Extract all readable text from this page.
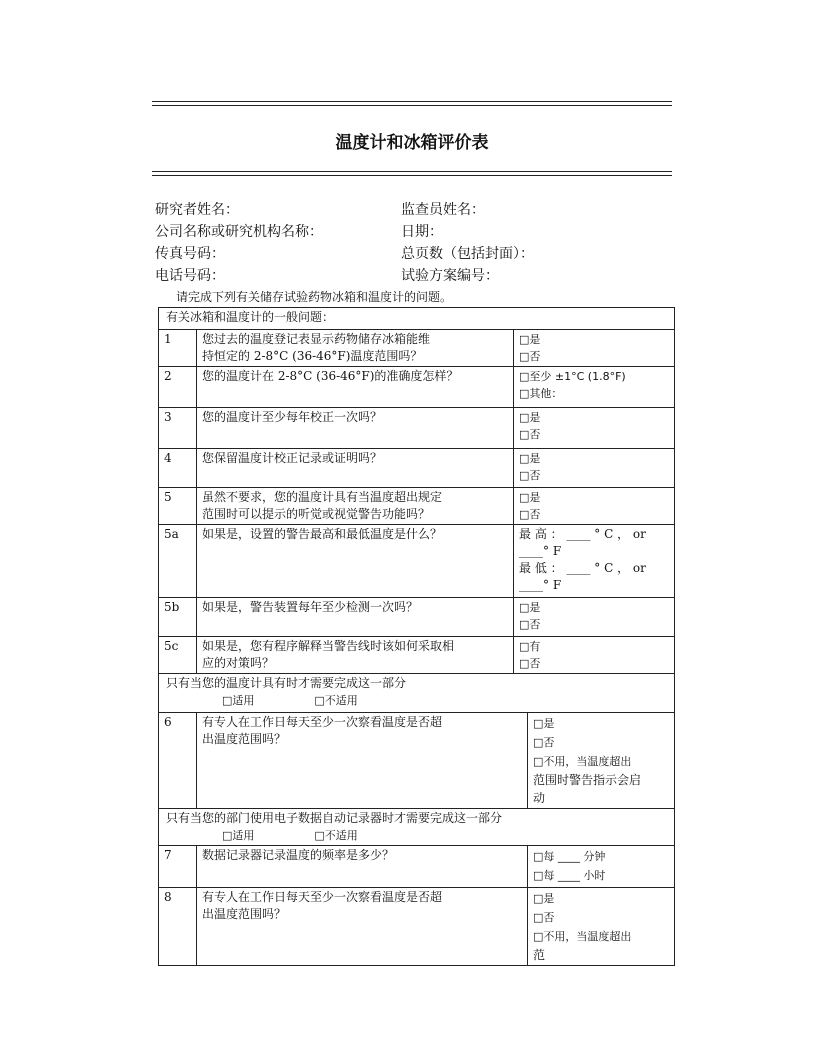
温度计和冰箱评价表
研究者姓名：
公司名称或研究机构名称：
传真号码：
电话号码：
监查员姓名：
日期：
总页数（包括封面）：
试验方案编号：
请完成下列有关储存试验药物冰箱和温度计的问题。
有关冰箱和温度计的一般问题：			
1	您过去的温度登记表显示药物储存冰箱能维
持恒定的 2-8°C (36-46°F)温度范围吗？	□是
□否	
2	您的温度计在 2-8°C (36-46°F)的准确度怎样？	□至少 ±1°C (1.8°F)
□其他：	
3	您的温度计至少每年校正一次吗？	□是
□否	
4	您保留温度计校正记录或证明吗？	□是
□否	
5	虽然不要求，您的温度计具有当温度超出规定
范围时可以提示的听觉或视觉警告功能吗？	□是
□否	
5a	如果是，设置的警告最高和最低温度是什么？	最 高 ： ____ ° C ， or
____° F
最 低 ： ____ ° C ， or
____° F	
5b	如果是，警告装置每年至少检测一次吗？	□是
□否	
5c	如果是，您有程序解释当警告线时该如何采取相
应的对策吗？	□有
□否	
只有当您的温度计具有时才需要完成这一部分
□适用 □不适用			
6	有专人在工作日每天至少一次察看温度是否超
出温度范围吗？		□是
□否
□不用，当温度超出
范围时警告指示会启
动
只有当您的部门使用电子数据自动记录器时才需要完成这一部分
□适用 □不适用			
7	数据记录器记录温度的频率是多少？		□每 ____ 分钟
□每 ____ 小时
8	有专人在工作日每天至少一次察看温度是否超
出温度范围吗？		□是
□否
□不用，当温度超出
范
